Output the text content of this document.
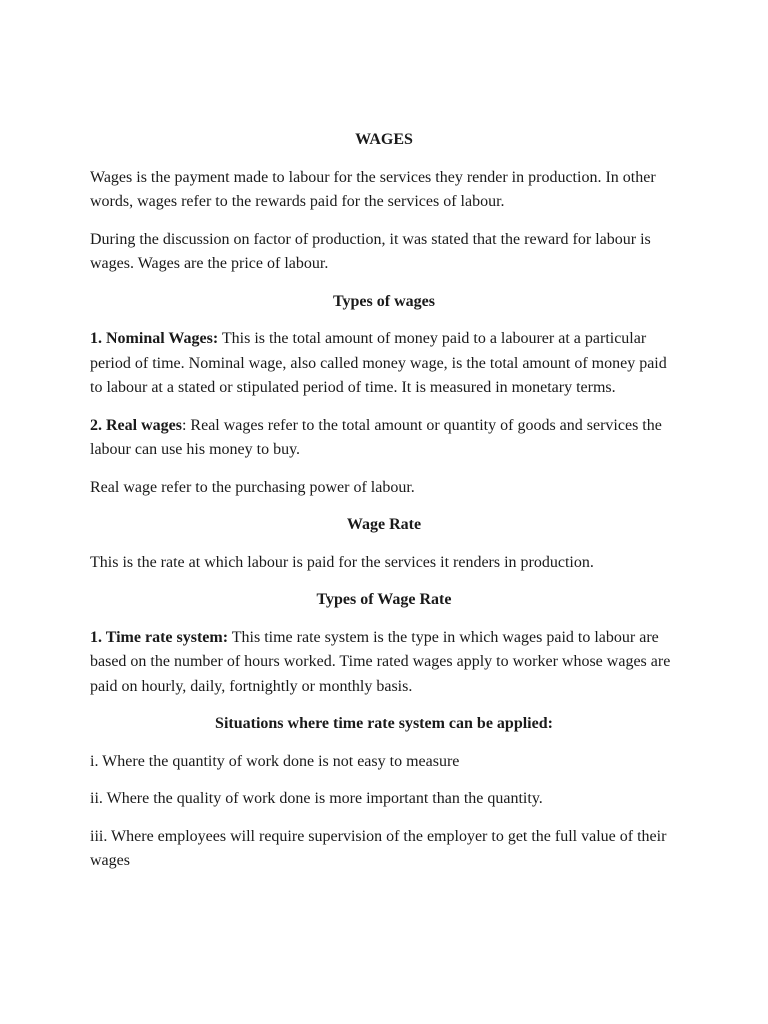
WAGES

Wages is the payment made to labour for the services they render in production. In other words, wages refer to the rewards paid for the services of labour.

During the discussion on factor of production, it was stated that the reward for labour is wages. Wages are the price of labour.

Types of wages

1. Nominal Wages: This is the total amount of money paid to a labourer at a particular period of time. Nominal wage, also called money wage, is the total amount of money paid to labour at a stated or stipulated period of time. It is measured in monetary terms.

2. Real wages: Real wages refer to the total amount or quantity of goods and services the labour can use his money to buy.

Real wage refer to the purchasing power of labour.

Wage Rate

This is the rate at which labour is paid for the services it renders in production.

Types of Wage Rate

1. Time rate system: This time rate system is the type in which wages paid to labour are based on the number of hours worked. Time rated wages apply to worker whose wages are paid on hourly, daily, fortnightly or monthly basis.

Situations where time rate system can be applied:

i. Where the quantity of work done is not easy to measure

ii. Where the quality of work done is more important than the quantity.

iii. Where employees will require supervision of the employer to get the full value of their wages
